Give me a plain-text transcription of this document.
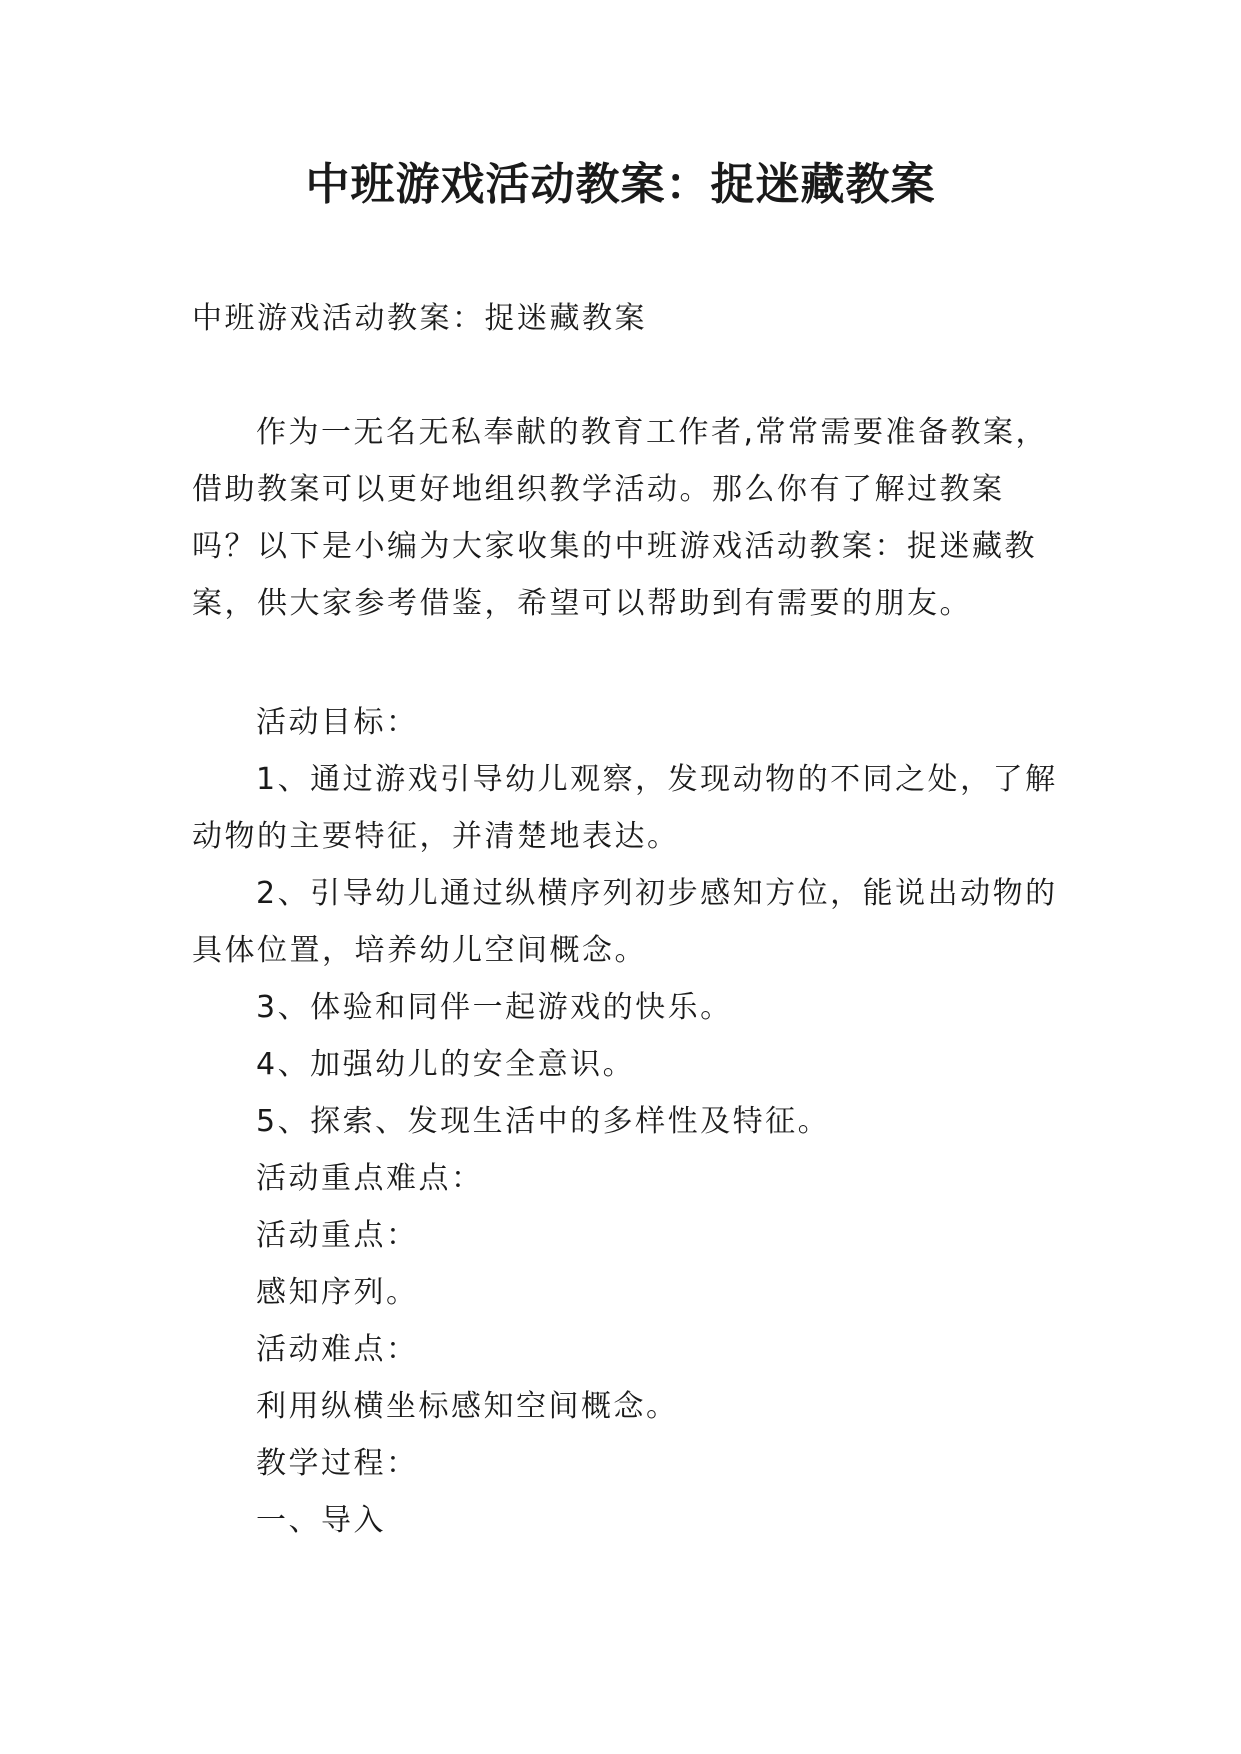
中班游戏活动教案：捉迷藏教案
中班游戏活动教案：捉迷藏教案
作为一无名无私奉献的教育工作者,常常需要准备教案，借助教案可以更好地组织教学活动。那么你有了解过教案吗？以下是小编为大家收集的中班游戏活动教案：捉迷藏教案，供大家参考借鉴，希望可以帮助到有需要的朋友。

活动目标：

1、通过游戏引导幼儿观察，发现动物的不同之处，了解动物的主要特征，并清楚地表达。

2、引导幼儿通过纵横序列初步感知方位，能说出动物的具体位置，培养幼儿空间概念。

3、体验和同伴一起游戏的快乐。

4、加强幼儿的安全意识。

5、探索、发现生活中的多样性及特征。

活动重点难点：

活动重点：

感知序列。

活动难点：

利用纵横坐标感知空间概念。

教学过程：

一、导入
